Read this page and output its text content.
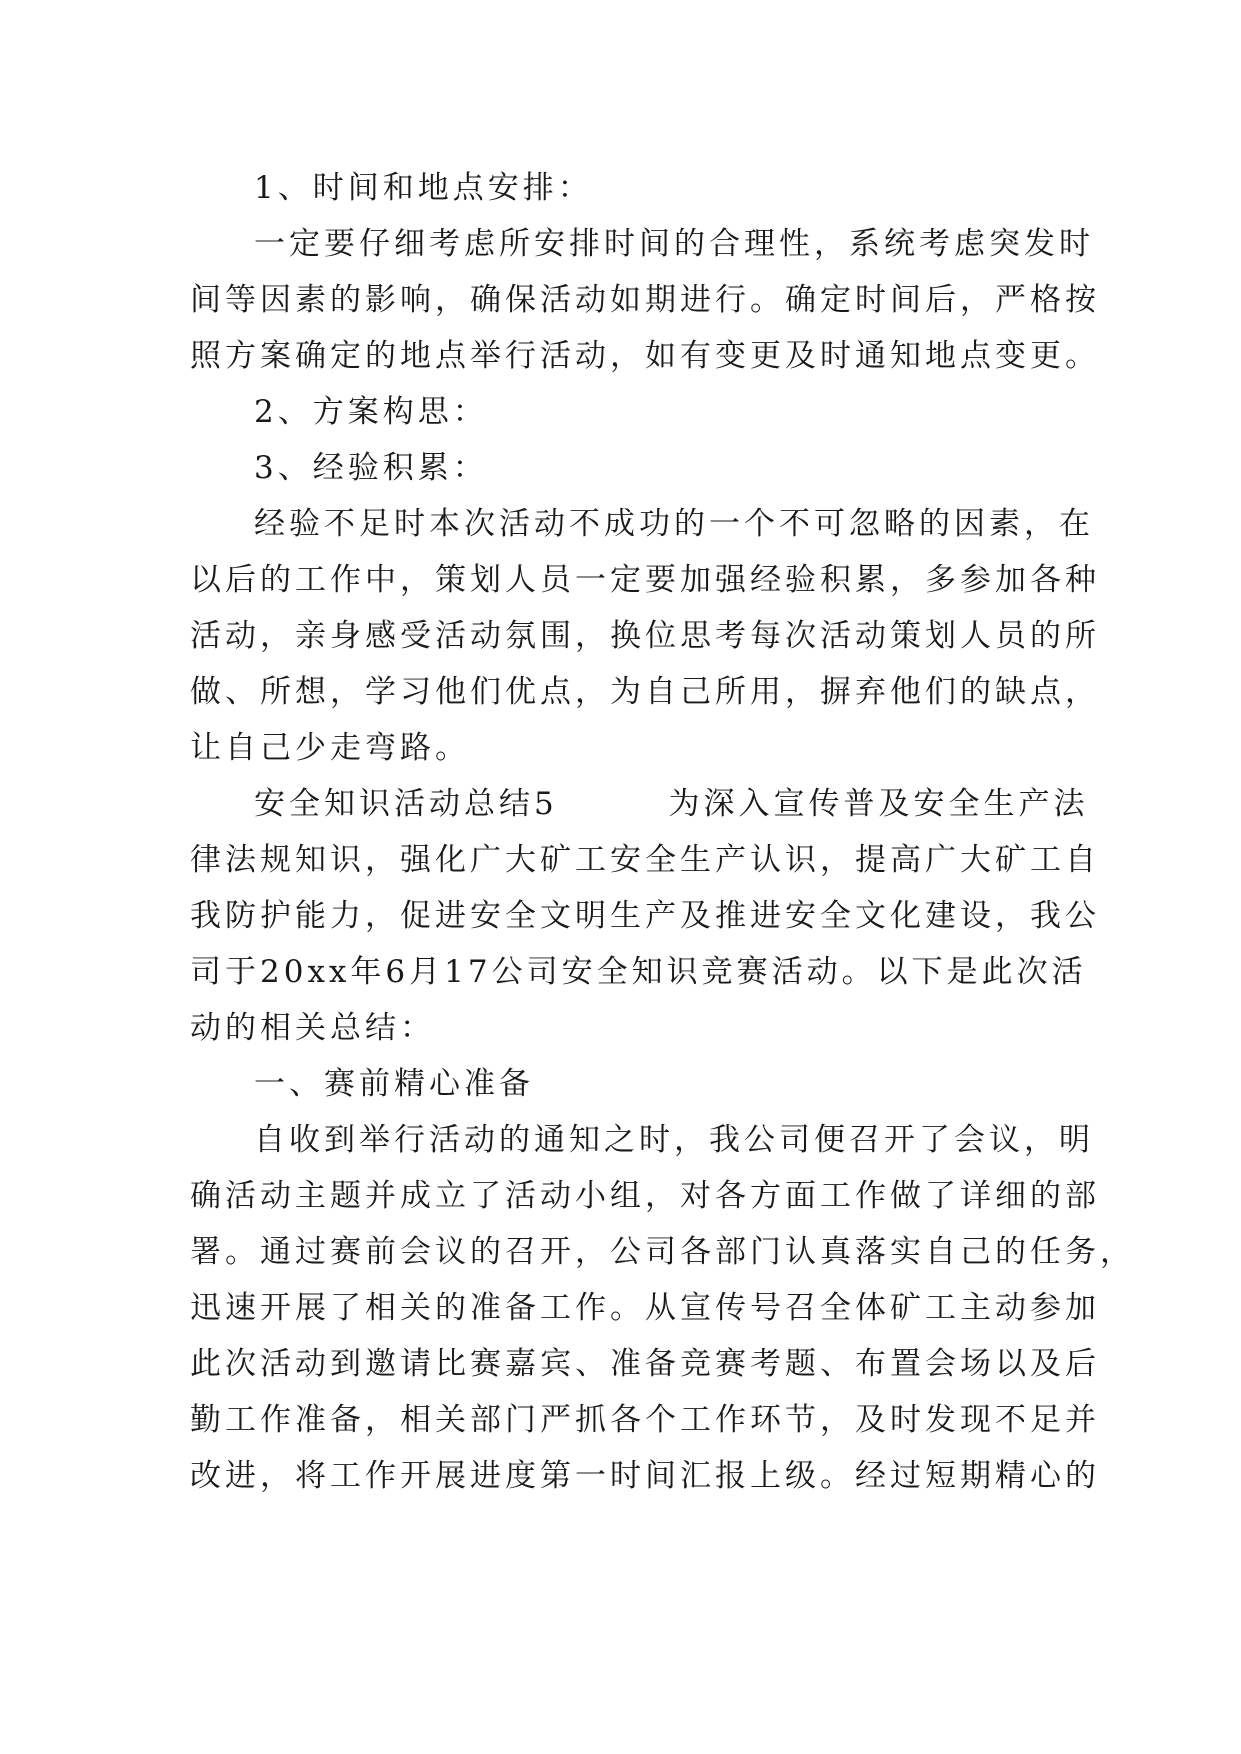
1、时间和地点安排：
一定要仔细考虑所安排时间的合理性，系统考虑突发时
间等因素的影响，确保活动如期进行。确定时间后，严格按
照方案确定的地点举行活动，如有变更及时通知地点变更。
2、方案构思：
3、经验积累：
经验不足时本次活动不成功的一个不可忽略的因素，在
以后的工作中，策划人员一定要加强经验积累，多参加各种
活动，亲身感受活动氛围，换位思考每次活动策划人员的所
做、所想，学习他们优点，为自己所用，摒弃他们的缺点，
让自己少走弯路。
安全知识活动总结5        为深入宣传普及安全生产法
律法规知识，强化广大矿工安全生产认识，提高广大矿工自
我防护能力，促进安全文明生产及推进安全文化建设，我公
司于20xx年6月17公司安全知识竞赛活动。以下是此次活
动的相关总结：
一、赛前精心准备
自收到举行活动的通知之时，我公司便召开了会议，明
确活动主题并成立了活动小组，对各方面工作做了详细的部
署。通过赛前会议的召开，公司各部门认真落实自己的任务，
迅速开展了相关的准备工作。从宣传号召全体矿工主动参加
此次活动到邀请比赛嘉宾、准备竞赛考题、布置会场以及后
勤工作准备，相关部门严抓各个工作环节，及时发现不足并
改进，将工作开展进度第一时间汇报上级。经过短期精心的
